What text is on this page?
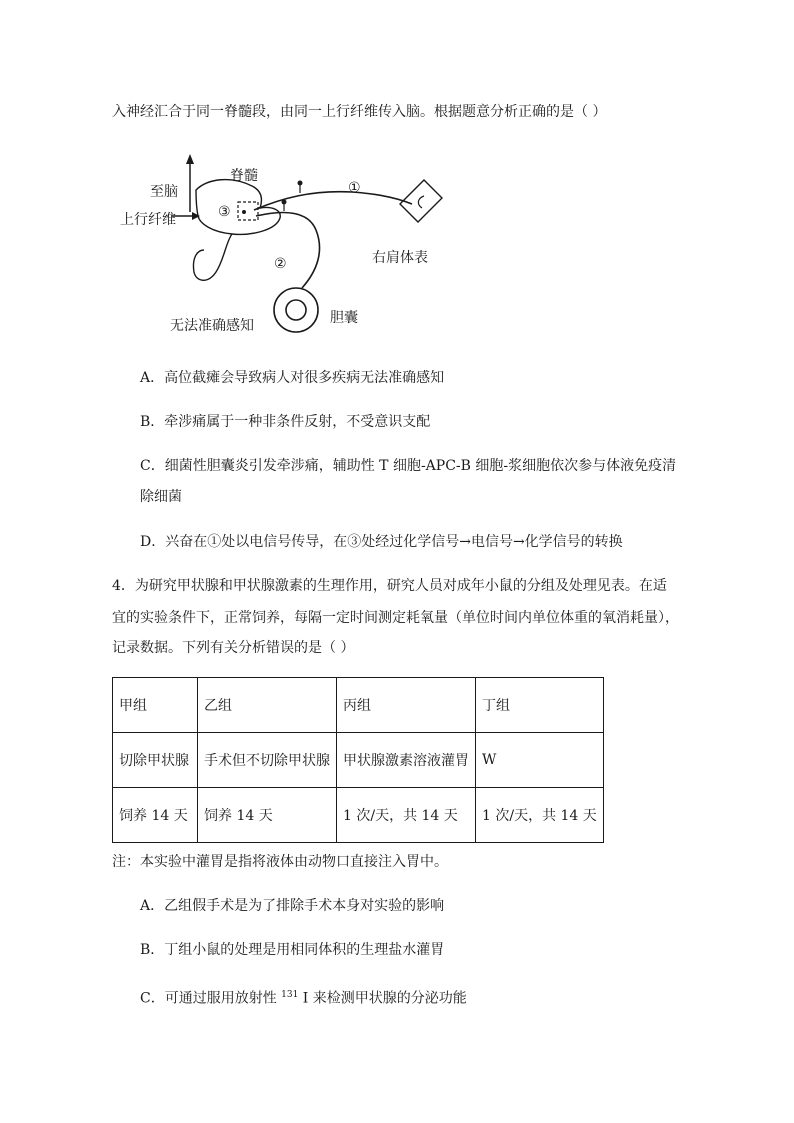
入神经汇合于同一脊髓段，由同一上行纤维传入脑。根据题意分析正确的是（ ）
脊髓
至脑
上行纤维
①
②
③
右肩体表
胆囊
无法准确感知
A．高位截瘫会导致病人对很多疾病无法准确感知
B．牵涉痛属于一种非条件反射，不受意识支配
C．细菌性胆囊炎引发牵涉痛，辅助性 T 细胞-APC-B 细胞-浆细胞依次参与体液免疫清
除细菌
D．兴奋在①处以电信号传导，在③处经过化学信号→电信号→化学信号的转换
4．为研究甲状腺和甲状腺激素的生理作用，研究人员对成年小鼠的分组及处理见表。在适
宜的实验条件下，正常饲养，每隔一定时间测定耗氧量（单位时间内单位体重的氧消耗量），
记录数据。下列有关分析错误的是（ ）
甲组	乙组	丙组	丁组
切除甲状腺	手术但不切除甲状腺	甲状腺激素溶液灌胃	W
饲养 14 天	饲养 14 天	1 次/天，共 14 天	1 次/天，共 14 天
注：本实验中灌胃是指将液体由动物口直接注入胃中。
A．乙组假手术是为了排除手术本身对实验的影响
B．丁组小鼠的处理是用相同体积的生理盐水灌胃
C．可通过服用放射性 $^{131}$ I 来检测甲状腺的分泌功能
